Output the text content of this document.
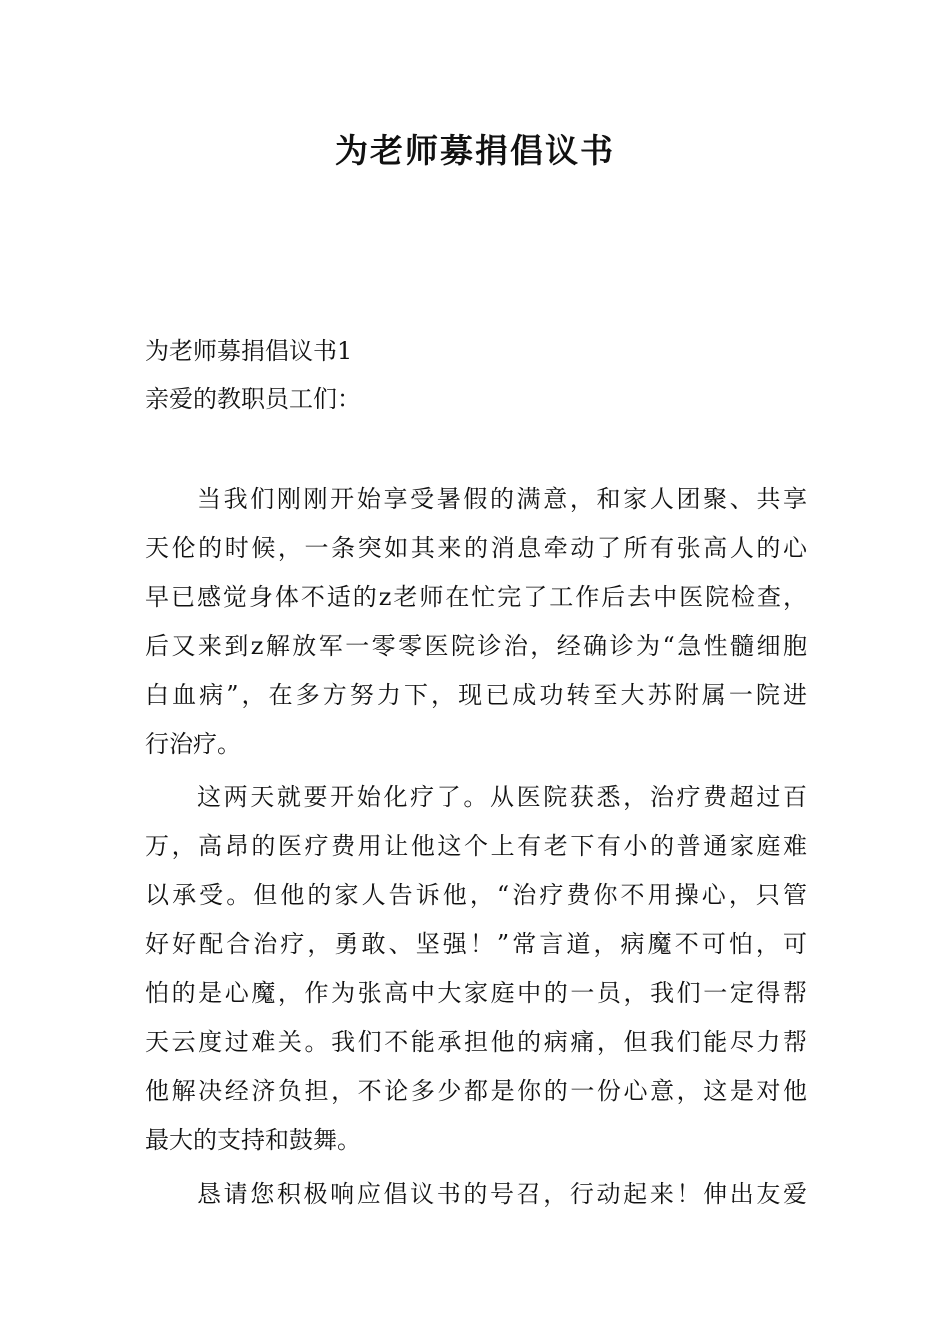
为老师募捐倡议书
为老师募捐倡议书1
亲爱的教职员工们：
当我们刚刚开始享受暑假的满意，和家人团聚、共享
天伦的时候，一条突如其来的消息牵动了所有张高人的心
早已感觉身体不适的z老师在忙完了工作后去中医院检查，
后又来到z解放军一零零医院诊治，经确诊为“急性髓细胞
白血病”，在多方努力下，现已成功转至大苏附属一院进
行治疗。
这两天就要开始化疗了。从医院获悉，治疗费超过百
万，高昂的医疗费用让他这个上有老下有小的普通家庭难
以承受。但他的家人告诉他，“治疗费你不用操心，只管
好好配合治疗，勇敢、坚强！”常言道，病魔不可怕，可
怕的是心魔，作为张高中大家庭中的一员，我们一定得帮
天云度过难关。我们不能承担他的病痛，但我们能尽力帮
他解决经济负担，不论多少都是你的一份心意，这是对他
最大的支持和鼓舞。
恳请您积极响应倡议书的号召，行动起来！伸出友爱
